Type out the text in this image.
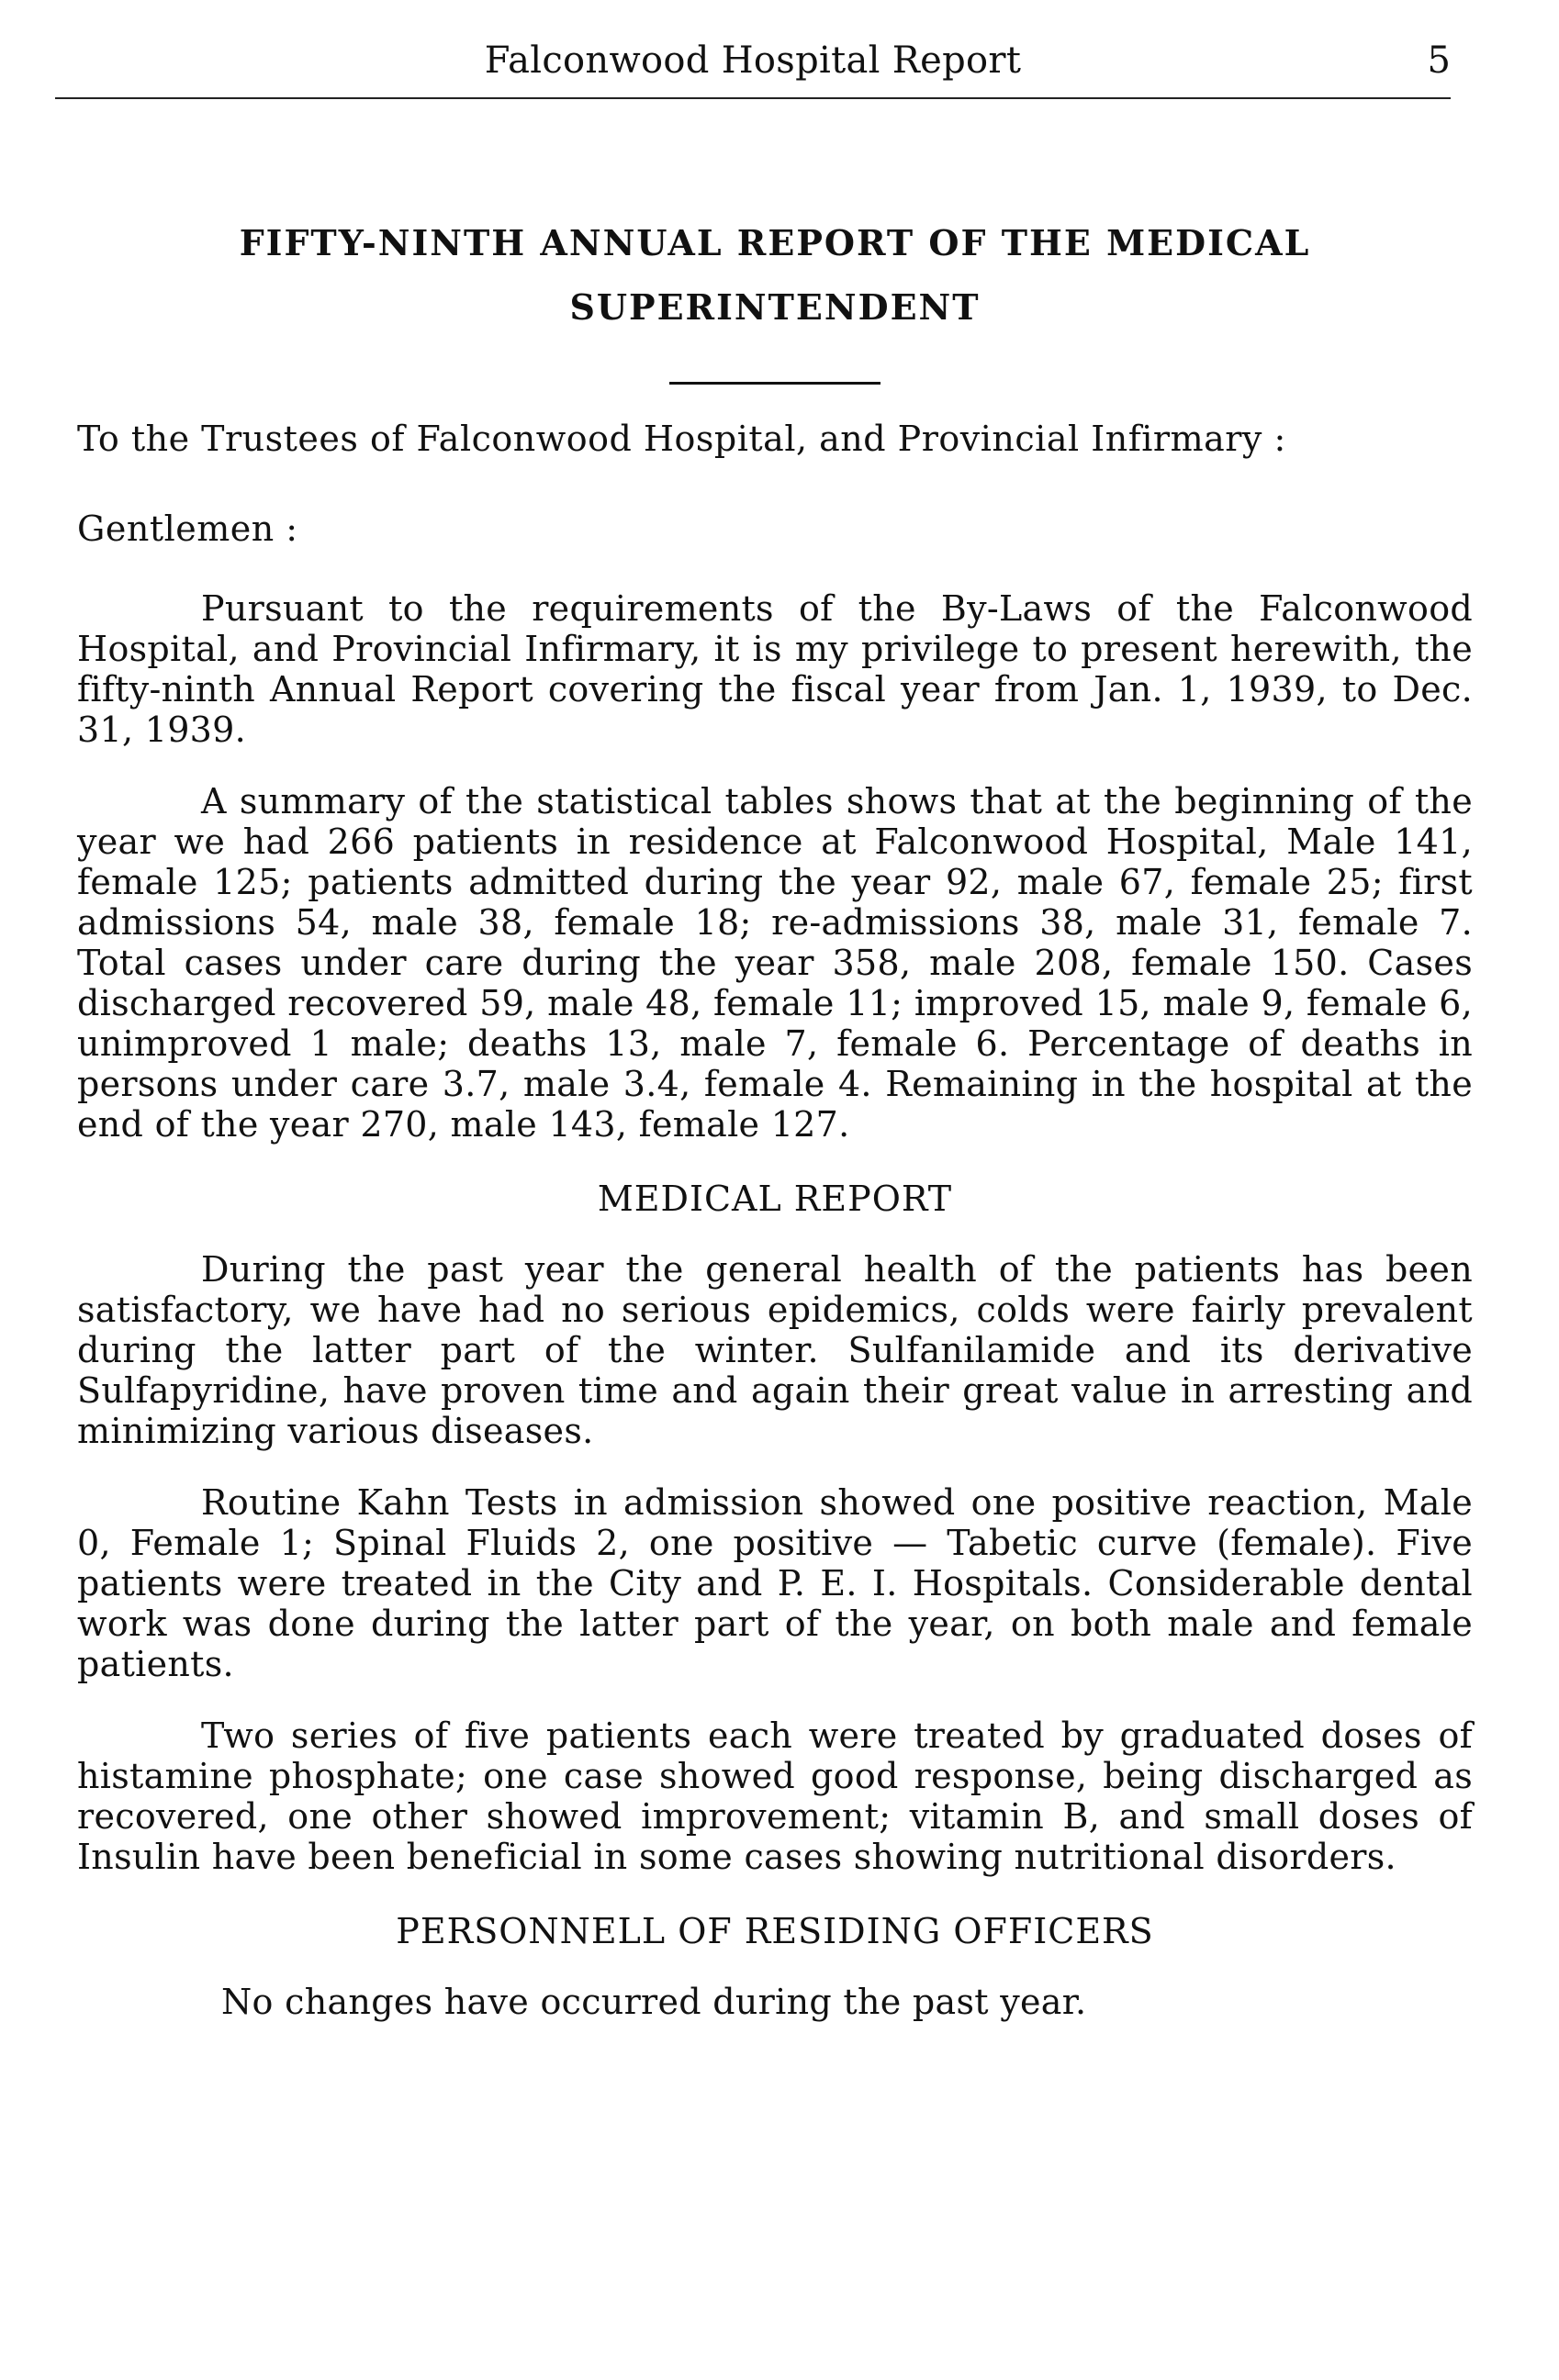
Falconwood Hospital Report	5
FIFTY-NINTH ANNUAL REPORT OF THE MEDICAL
SUPERINTENDENT

To the Trustees of Falconwood Hospital, and Provincial Infirmary :

Gentlemen :

Pursuant to the requirements of the By-Laws of the Falconwood Hospital, and Provincial Infirmary, it is my privilege to present herewith, the fifty-ninth Annual Report covering the fiscal year from Jan. 1, 1939, to Dec. 31, 1939.

A summary of the statistical tables shows that at the beginning of the year we had 266 patients in residence at Falconwood Hospital, Male 141, female 125; patients admitted during the year 92, male 67, female 25; first admissions 54, male 38, female 18; re-admissions 38, male 31, female 7. Total cases under care during the year 358, male 208, female 150. Cases discharged recovered 59, male 48, female 11; improved 15, male 9, female 6, unimproved 1 male; deaths 13, male 7, female 6. Percentage of deaths in persons under care 3.7, male 3.4, female 4. Remaining in the hospital at the end of the year 270, male 143, female 127.

MEDICAL REPORT

During the past year the general health of the patients has been satisfactory, we have had no serious epidemics, colds were fairly prevalent during the latter part of the winter. Sulfanilamide and its derivative Sulfapyridine, have proven time and again their great value in arresting and minimizing various diseases.

Routine Kahn Tests in admission showed one positive reaction, Male 0, Female 1; Spinal Fluids 2, one positive — Tabetic curve (female). Five patients were treated in the City and P. E. I. Hospitals. Considerable dental work was done during the latter part of the year, on both male and female patients.

Two series of five patients each were treated by graduated doses of histamine phosphate; one case showed good response, being discharged as recovered, one other showed improvement; vitamin B, and small doses of Insulin have been beneficial in some cases showing nutritional disorders.

PERSONNELL OF RESIDING OFFICERS

No changes have occurred during the past year.
